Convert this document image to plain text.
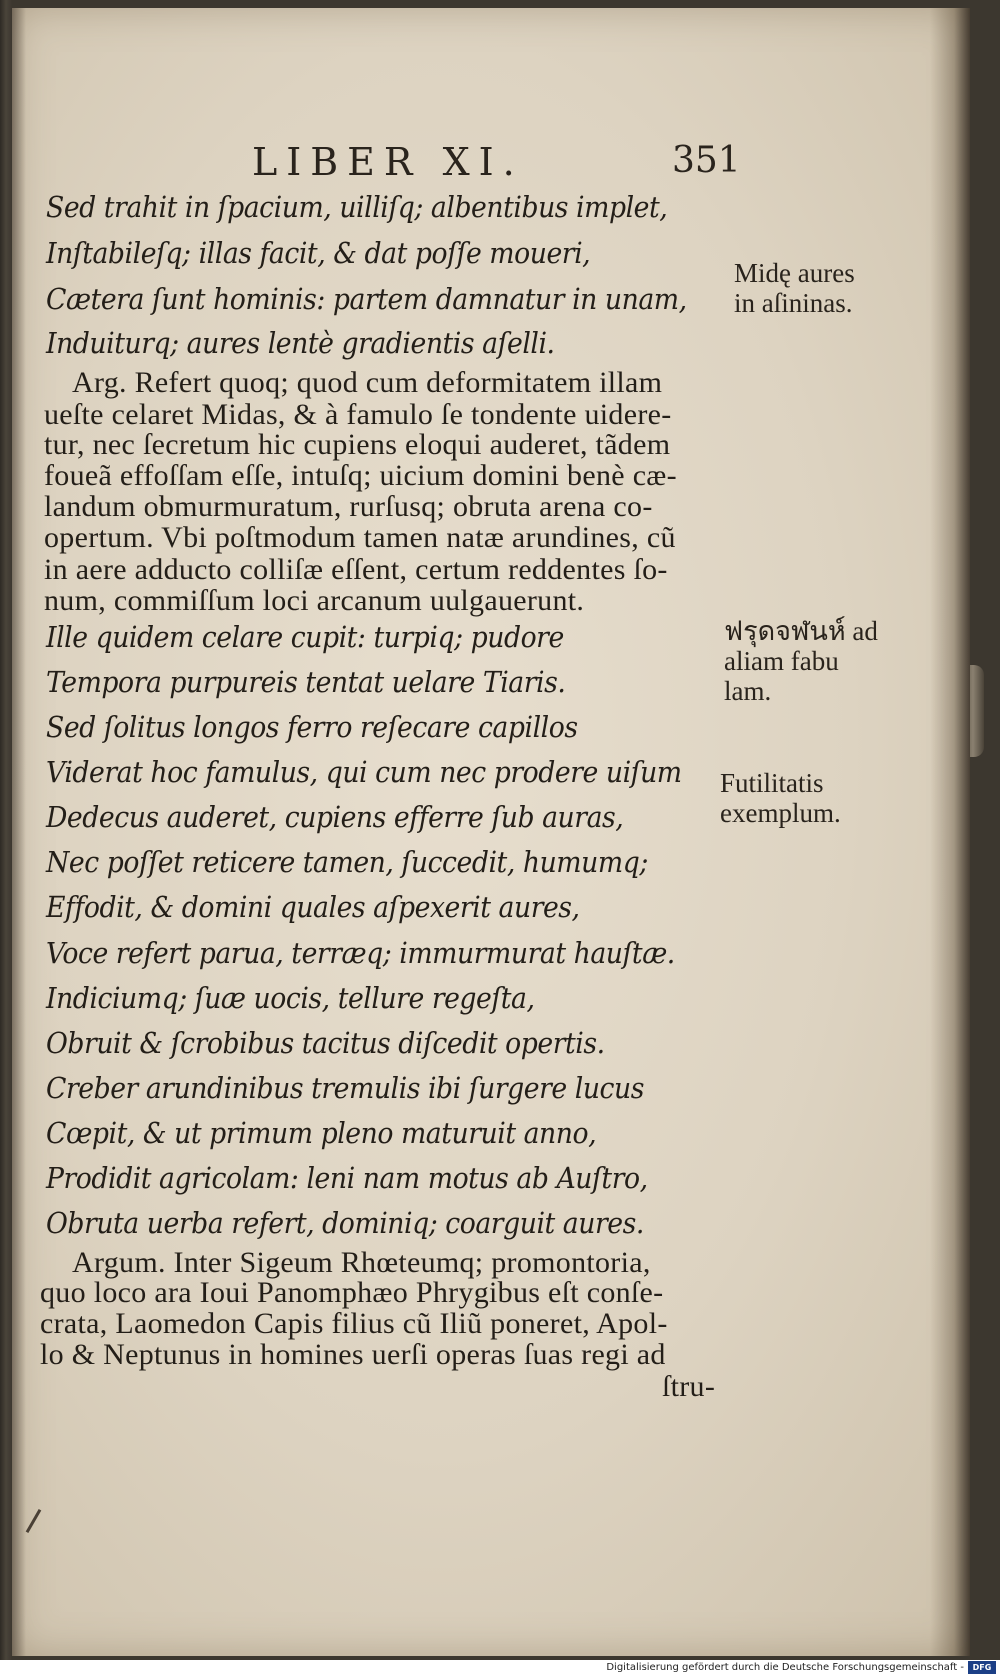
LIBER XI.	351
Sed trahit in ſpacium, uilliſq; albentibus implet,
Inſtabileſq; illas facit, & dat poſſe moueri,
Cætera ſunt hominis: partem damnatur in unam,
Induiturq; aures lentè gradientis aſelli.
Arg. Refert quoq; quod cum deformitatem illam
ueſte celaret Midas, & à famulo ſe tondente uidere-
tur, nec ſecretum hic cupiens eloqui auderet, tãdem
foueã effoſſam eſſe, intuſq; uicium domini benè cæ-
landum obmurmuratum, rurſusq; obruta arena co-
opertum. Vbi poſtmodum tamen natæ arundines, cũ
in aere adducto colliſæ eſſent, certum reddentes ſo-
num, commiſſum loci arcanum uulgauerunt.
Ille quidem celare cupit: turpiq; pudore
Tempora purpureis tentat uelare Tiaris.
Sed ſolitus longos ferro reſecare capillos
Viderat hoc famulus, qui cum nec prodere uiſum
Dedecus auderet, cupiens efferre ſub auras,
Nec poſſet reticere tamen, ſuccedit, humumq;
Effodit, & domini quales aſpexerit aures,
Voce refert parua, terræq; immurmurat hauſtæ.
Indiciumq; ſuæ uocis, tellure regeſta,
Obruit & ſcrobibus tacitus diſcedit opertis.
Creber arundinibus tremulis ibi ſurgere lucus
Cœpit, & ut primum pleno maturuit anno,
Prodidit agricolam: leni nam motus ab Auſtro,
Obruta uerba refert, dominiq; coarguit aures.
Argum. Inter Sigeum Rhœteumq; promontoria,
quo loco ara Ioui Panomphæo Phrygibus eſt conſe-
crata, Laomedon Capis filius cũ Iliũ poneret, Apol-
lo & Neptunus in homines uerſi operas ſuas regi ad
ſtru-
Midę aures
in aſininas.
ฟรุดจฬนห์ ad
aliam fabu
lam.
Futilitatis
exemplum.
Digitalisierung gefördert durch die Deutsche Forschungsgemeinschaft -	DFG
